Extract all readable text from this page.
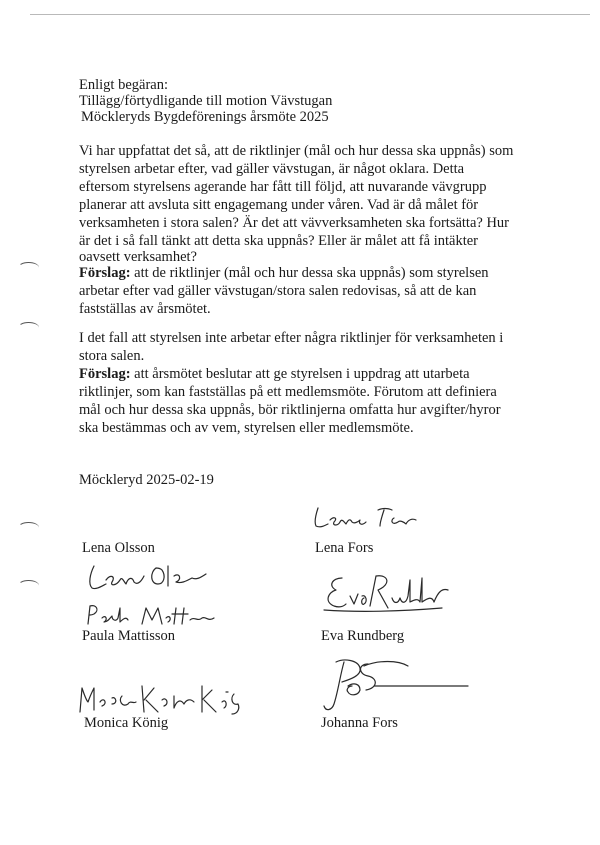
Enligt begäran:
Tillägg/förtydligande till motion Vävstugan
Möckleryds Bygdeförenings årsmöte 2025
Vi har uppfattat det så, att de riktlinjer (mål och hur dessa ska uppnås) som
styrelsen arbetar efter, vad gäller vävstugan, är något oklara. Detta
eftersom styrelsens agerande har fått till följd, att nuvarande vävgrupp
planerar att avsluta sitt engagemang under våren. Vad är då målet för
verksamheten i stora salen? Är det att vävverksamheten ska fortsätta? Hur
är det i så fall tänkt att detta ska uppnås? Eller är målet att få intäkter
oavsett verksamhet?
Förslag: att de riktlinjer (mål och hur dessa ska uppnås) som styrelsen
arbetar efter vad gäller vävstugan/stora salen redovisas, så att de kan
fastställas av årsmötet.
I det fall att styrelsen inte arbetar efter några riktlinjer för verksamheten i
stora salen.
Förslag: att årsmötet beslutar att ge styrelsen i uppdrag att utarbeta
riktlinjer, som kan fastställas på ett medlemsmöte. Förutom att definiera
mål och hur dessa ska uppnås, bör riktlinjerna omfatta hur avgifter/hyror
ska bestämmas och av vem, styrelsen eller medlemsmöte.
Möckleryd 2025-02-19
Lena Olsson	Lena Fors
Paula Mattisson	Eva Rundberg
Monica König	Johanna Fors
